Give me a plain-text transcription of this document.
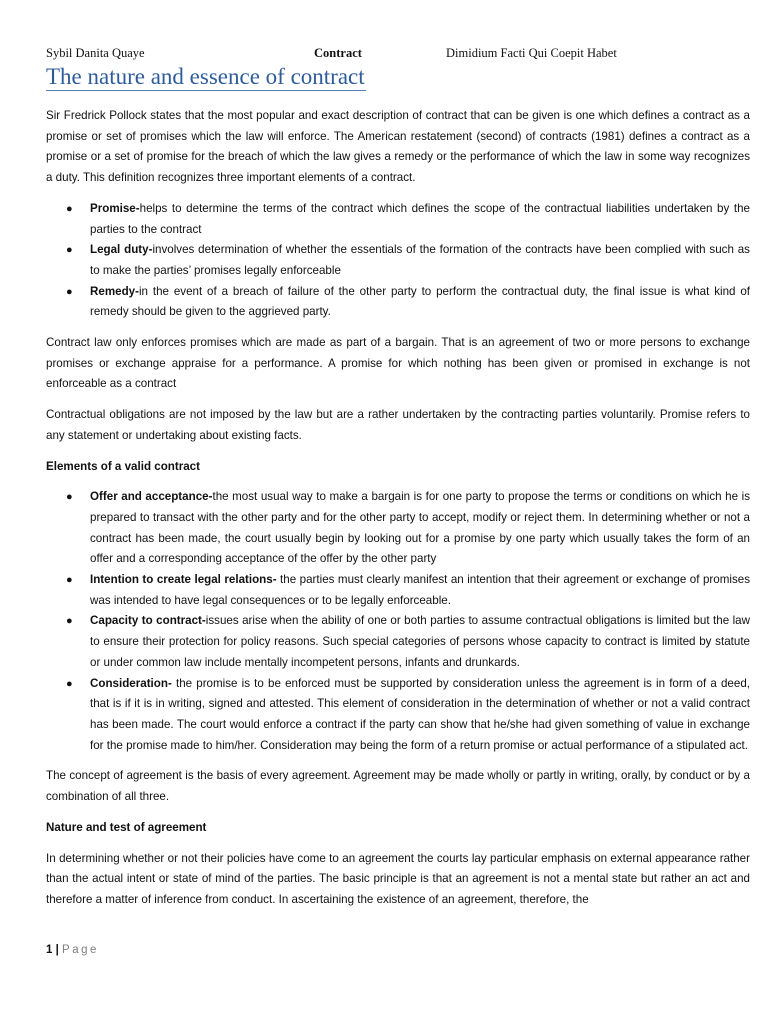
Sybil Danita Quaye	Contract	Dimidium Facti Qui Coepit Habet
The nature and essence of contract

Sir Fredrick Pollock states that the most popular and exact description of contract that can be given is one which defines a contract as a promise or set of promises which the law will enforce. The American restatement (second) of contracts (1981) defines a contract as a promise or a set of promise for the breach of which the law gives a remedy or the performance of which the law in some way recognizes a duty. This definition recognizes three important elements of a contract.

● Promise-helps to determine the terms of the contract which defines the scope of the contractual liabilities undertaken by the parties to the contract
● Legal duty-involves determination of whether the essentials of the formation of the contracts have been complied with such as to make the parties’ promises legally enforceable
● Remedy-in the event of a breach of failure of the other party to perform the contractual duty, the final issue is what kind of remedy should be given to the aggrieved party.

Contract law only enforces promises which are made as part of a bargain. That is an agreement of two or more persons to exchange promises or exchange appraise for a performance. A promise for which nothing has been given or promised in exchange is not enforceable as a contract

Contractual obligations are not imposed by the law but are a rather undertaken by the contracting parties voluntarily. Promise refers to any statement or undertaking about existing facts.

Elements of a valid contract

● Offer and acceptance-the most usual way to make a bargain is for one party to propose the terms or conditions on which he is prepared to transact with the other party and for the other party to accept, modify or reject them. In determining whether or not a contract has been made, the court usually begin by looking out for a promise by one party which usually takes the form of an offer and a corresponding acceptance of the offer by the other party
● Intention to create legal relations- the parties must clearly manifest an intention that their agreement or exchange of promises was intended to have legal consequences or to be legally enforceable.
● Capacity to contract-issues arise when the ability of one or both parties to assume contractual obligations is limited but the law to ensure their protection for policy reasons. Such special categories of persons whose capacity to contract is limited by statute or under common law include mentally incompetent persons, infants and drunkards.
● Consideration- the promise is to be enforced must be supported by consideration unless the agreement is in form of a deed, that is if it is in writing, signed and attested. This element of consideration in the determination of whether or not a valid contract has been made. The court would enforce a contract if the party can show that he/she had given something of value in exchange for the promise made to him/her. Consideration may being the form of a return promise or actual performance of a stipulated act.

The concept of agreement is the basis of every agreement. Agreement may be made wholly or partly in writing, orally, by conduct or by a combination of all three.

Nature and test of agreement

In determining whether or not their policies have come to an agreement the courts lay particular emphasis on external appearance rather than the actual intent or state of mind of the parties. The basic principle is that an agreement is not a mental state but rather an act and therefore a matter of inference from conduct. In ascertaining the existence of an agreement, therefore, the

1 | Page
